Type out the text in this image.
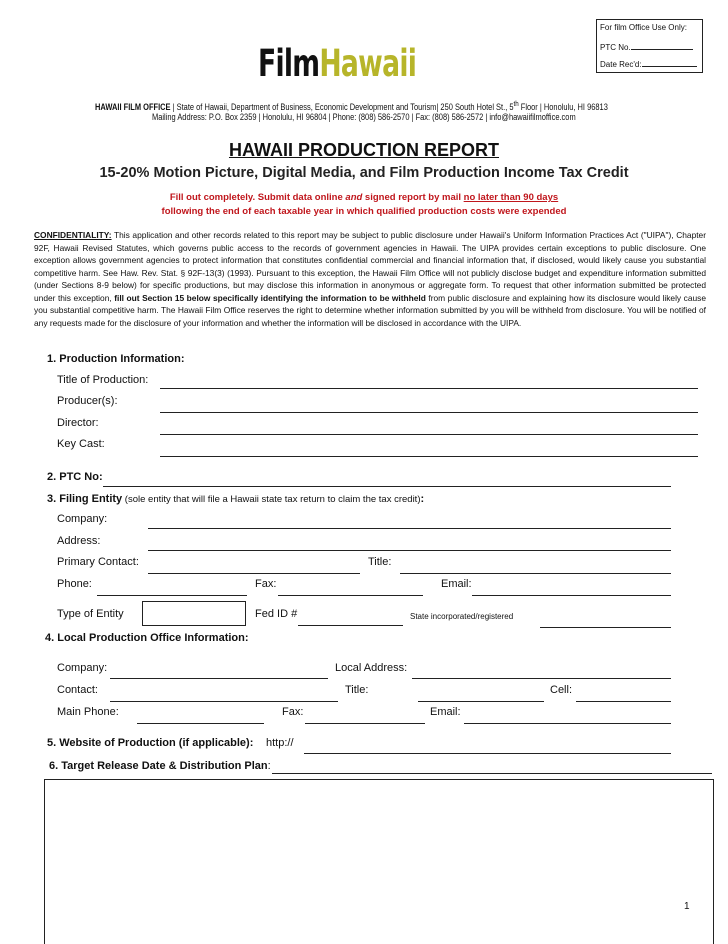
For film Office Use Only:
PTC No.
Date Rec'd:
FilmHawaii
HAWAII FILM OFFICE | State of Hawaii, Department of Business, Economic Development and Tourism| 250 South Hotel St., 5th Floor | Honolulu, HI 96813
Mailing Address: P.O. Box 2359 | Honolulu, HI 96804 | Phone: (808) 586-2570 | Fax: (808) 586-2572 | info@hawaiifilmoffice.com
HAWAII PRODUCTION REPORT
15-20% Motion Picture, Digital Media, and Film Production Income Tax Credit
Fill out completely. Submit data online and signed report by mail no later than 90 days
following the end of each taxable year in which qualified production costs were expended
CONFIDENTIALITY: This application and other records related to this report may be subject to public disclosure under Hawaii's Uniform Information Practices Act ("UIPA"), Chapter 92F, Hawaii Revised Statutes, which governs public access to the records of government agencies in Hawaii. The UIPA provides certain exceptions to public disclosure. One exception allows government agencies to protect information that constitutes confidential commercial and financial information that, if disclosed, would likely cause you substantial competitive harm. See Haw. Rev. Stat. § 92F-13(3) (1993). Pursuant to this exception, the Hawaii Film Office will not publicly disclose budget and expenditure information submitted (under Sections 8-9 below) for specific productions, but may disclose this information in anonymous or aggregate form. To request that other information submitted be protected under this exception, fill out Section 15 below specifically identifying the information to be withheld from public disclosure and explaining how its disclosure would likely cause you substantial competitive harm. The Hawaii Film Office reserves the right to determine whether information submitted by you will be withheld from disclosure. You will be notified of any requests made for the disclosure of your information and whether the information will be disclosed in accordance with the UIPA.
1. Production Information:
Title of Production:
Producer(s):
Director:
Key Cast:
2. PTC No:
3. Filing Entity (sole entity that will file a Hawaii state tax return to claim the tax credit):
Company:
Address:
Primary Contact:	Title:
Phone:	Fax:	Email:
Type of Entity	Fed ID #	State incorporated/registered
4. Local Production Office Information:
Company:	Local Address:
Contact:	Title:	Cell:
Main Phone:	Fax:	Email:
5. Website of Production (if applicable): http://
6. Target Release Date & Distribution Plan:
1
